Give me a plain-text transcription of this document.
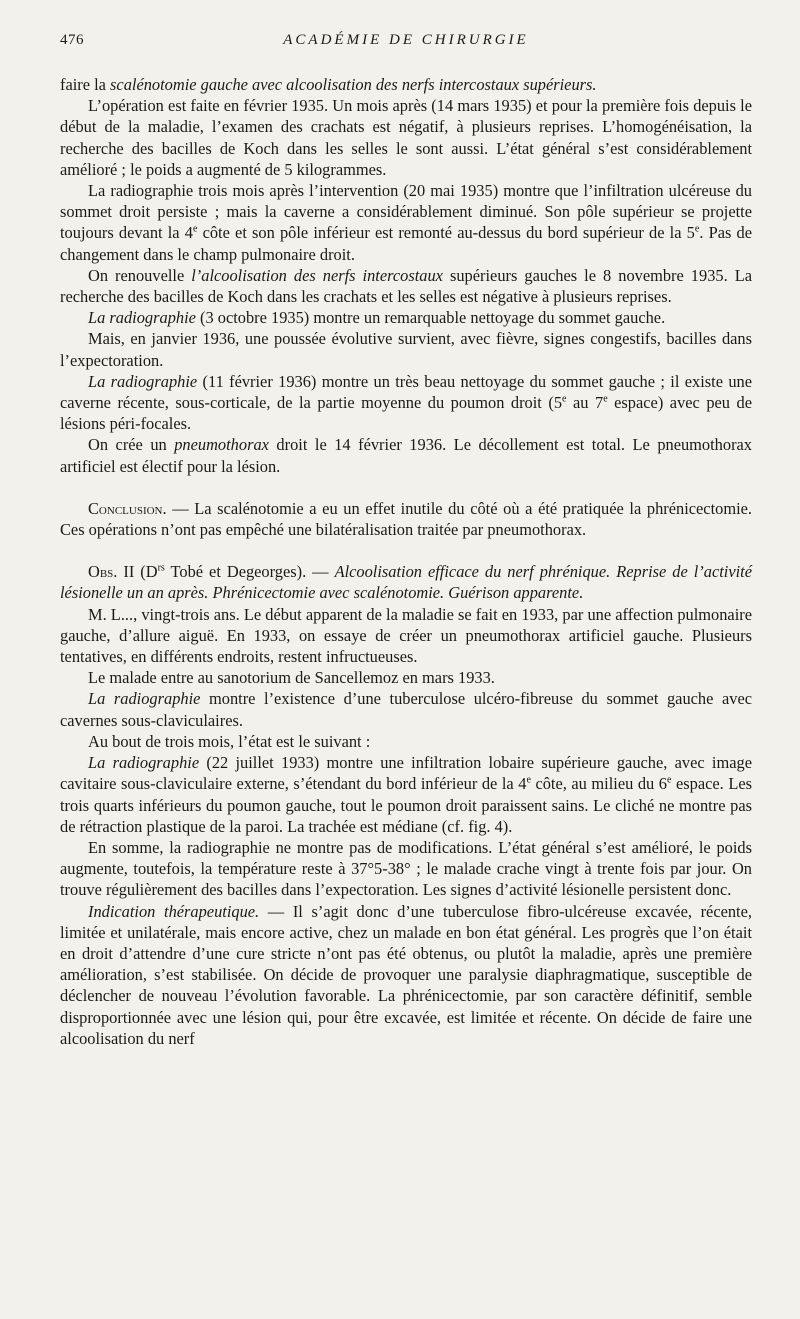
476	ACADÉMIE DE CHIRURGIE

faire la scalénotomie gauche avec alcoolisation des nerfs intercostaux supérieurs.

L’opération est faite en février 1935. Un mois après (14 mars 1935) et pour la première fois depuis le début de la maladie, l’examen des crachats est négatif, à plusieurs reprises. L’homogénéisation, la recherche des bacilles de Koch dans les selles le sont aussi. L’état général s’est considérablement amélioré ; le poids a augmenté de 5 kilogrammes.

La radiographie trois mois après l’intervention (20 mai 1935) montre que l’infiltration ulcéreuse du sommet droit persiste ; mais la caverne a considérablement diminué. Son pôle supérieur se projette toujours devant la 4e côte et son pôle inférieur est remonté au-dessus du bord supérieur de la 5e. Pas de changement dans le champ pulmonaire droit.

On renouvelle l’alcoolisation des nerfs intercostaux supérieurs gauches le 8 novembre 1935. La recherche des bacilles de Koch dans les crachats et les selles est négative à plusieurs reprises.

La radiographie (3 octobre 1935) montre un remarquable nettoyage du sommet gauche.

Mais, en janvier 1936, une poussée évolutive survient, avec fièvre, signes congestifs, bacilles dans l’expectoration.

La radiographie (11 février 1936) montre un très beau nettoyage du sommet gauche ; il existe une caverne récente, sous-corticale, de la partie moyenne du poumon droit (5e au 7e espace) avec peu de lésions péri-focales.

On crée un pneumothorax droit le 14 février 1936. Le décollement est total. Le pneumothorax artificiel est électif pour la lésion.

Conclusion. — La scalénotomie a eu un effet inutile du côté où a été pratiquée la phrénicectomie. Ces opérations n’ont pas empêché une bilatéralisation traitée par pneumothorax.

Obs. II ($D^{rs}$ Tobé et Degeorges). — Alcoolisation efficace du nerf phrénique. Reprise de l’activité lésionelle un an après. Phrénicectomie avec scalénotomie. Guérison apparente.

M. L..., vingt-trois ans. Le début apparent de la maladie se fait en 1933, par une affection pulmonaire gauche, d’allure aiguë. En 1933, on essaye de créer un pneumothorax artificiel gauche. Plusieurs tentatives, en différents endroits, restent infructueuses.

Le malade entre au sanotorium de Sancellemoz en mars 1933.

La radiographie montre l’existence d’une tuberculose ulcéro-fibreuse du sommet gauche avec cavernes sous-claviculaires.

Au bout de trois mois, l’état est le suivant :

La radiographie (22 juillet 1933) montre une infiltration lobaire supérieure gauche, avec image cavitaire sous-claviculaire externe, s’étendant du bord inférieur de la 4e côte, au milieu du 6e espace. Les trois quarts inférieurs du poumon gauche, tout le poumon droit paraissent sains. Le cliché ne montre pas de rétraction plastique de la paroi. La trachée est médiane (cf. fig. 4).

En somme, la radiographie ne montre pas de modifications. L’état général s’est amélioré, le poids augmente, toutefois, la température reste à 37°5-38° ; le malade crache vingt à trente fois par jour. On trouve régulièrement des bacilles dans l’expectoration. Les signes d’activité lésionelle persistent donc.

Indication thérapeutique. — Il s’agit donc d’une tuberculose fibro-ulcéreuse excavée, récente, limitée et unilatérale, mais encore active, chez un malade en bon état général. Les progrès que l’on était en droit d’attendre d’une cure stricte n’ont pas été obtenus, ou plutôt la maladie, après une première amélioration, s’est stabilisée. On décide de provoquer une paralysie diaphragmatique, susceptible de déclencher de nouveau l’évolution favorable. La phrénicectomie, par son caractère définitif, semble disproportionnée avec une lésion qui, pour être excavée, est limitée et récente. On décide de faire une alcoolisation du nerf
